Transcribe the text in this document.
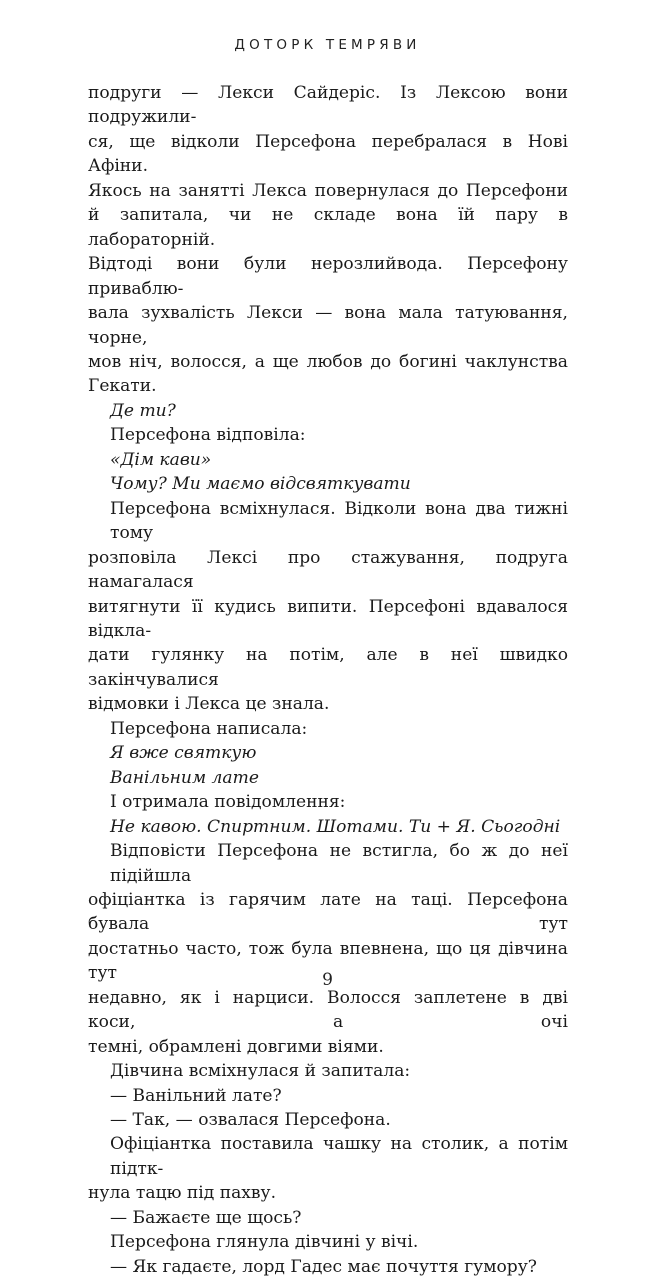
ДОТОРК ТЕМРЯВИ

подруги — Лекси Сайдеріс. Із Лексою вони подружили-

ся, ще відколи Персефона перебралася в Нові Афіни.

Якось на занятті Лекса повернулася до Персефони

й запитала, чи не складе вона їй пару в лабораторній.

Відтоді вони були нерозлийвода. Персефону приваблю-

вала зухвалість Лекси — вона мала татуювання, чорне,

мов ніч, волосся, а ще любов до богині чаклунства

Гекати.

Де ти?

Персефона відповіла:

«Дім кави»

Чому? Ми маємо відсвяткувати

Персефона всміхнулася. Відколи вона два тижні тому

розповіла Лексі про стажування, подруга намагалася

витягнути її кудись випити. Персефоні вдавалося відкла-

дати гулянку на потім, але в неї швидко закінчувалися

відмовки і Лекса це знала.

Персефона написала:

Я вже святкую

Ванільним лате

І отримала повідомлення:

Не кавою. Спиртним. Шотами. Ти + Я. Сьогодні

Відповісти Персефона не встигла, бо ж до неї підійшла

офіціантка із гарячим лате на таці. Персефона бувала тут

достатньо часто, тож була впевнена, що ця дівчина тут

недавно, як і нарциси. Волосся заплетене в дві коси, а очі

темні, обрамлені довгими віями.

Дівчина всміхнулася й запитала:

— Ванільний лате?

— Так, — озвалася Персефона.

Офіціантка поставила чашку на столик, а потім підтк-

нула тацю під пахву.

— Бажаєте ще щось?

Персефона глянула дівчині у вічі.

— Як гадаєте, лорд Гадес має почуття гумору?

9
